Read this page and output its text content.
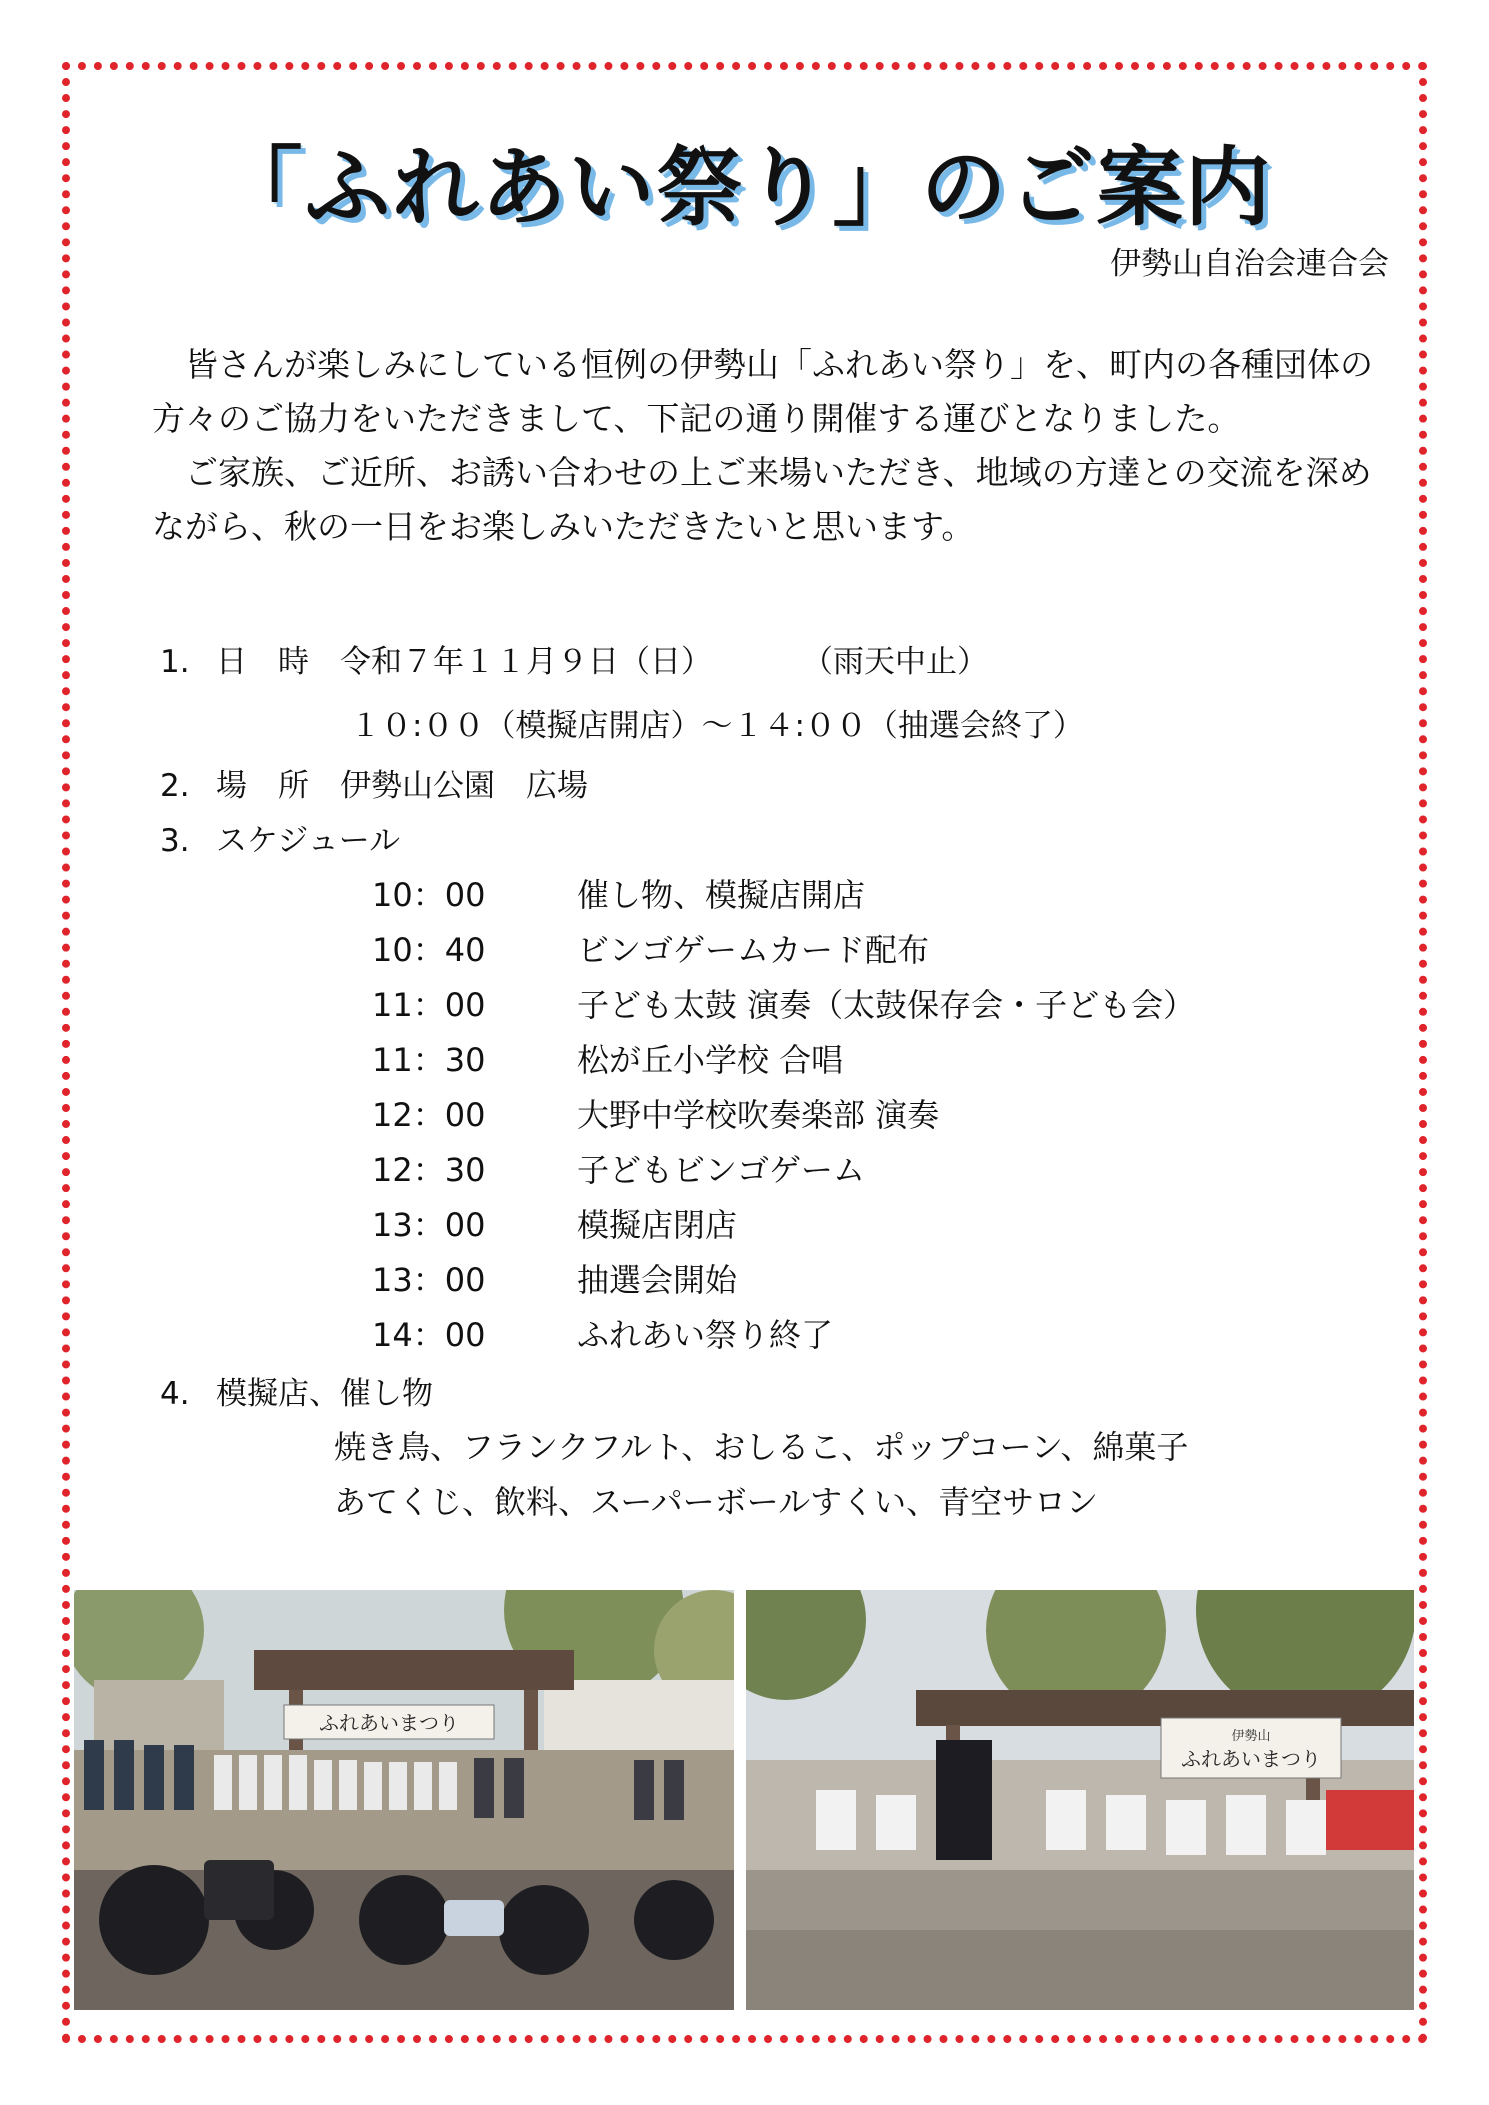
「ふれあい祭り」のご案内
伊勢山自治会連合会

皆さんが楽しみにしている恒例の伊勢山「ふれあい祭り」を、町内の各種団体の方々のご協力をいただきまして、下記の通り開催する運びとなりました。

ご家族、ご近所、お誘い合わせの上ご来場いただき、地域の方達との交流を深めながら、秋の一日をお楽しみいただきたいと思います。

1. 日　時　 令和７年１１月９日（日）	（雨天中止）
１０:００（模擬店開店）～１４:００（抽選会終了）
2. 場　所　 伊勢山公園　広場
3. スケジュール
10：00	催し物、模擬店開店
10：40	ビンゴゲームカード配布
11：00	子ども太鼓 演奏（太鼓保存会・子ども会）
11：30	松が丘小学校 合唱
12：00	大野中学校吹奏楽部 演奏
12：30	子どもビンゴゲーム
13：00	模擬店閉店
13：00	抽選会開始
14：00	ふれあい祭り終了
4. 模擬店、催し物
焼き鳥、フランクフルト、おしるこ、ポップコーン、綿菓子
あてくじ、飲料、スーパーボールすくい、青空サロン
ふれあいまつり
伊勢山
ふれあいまつり
